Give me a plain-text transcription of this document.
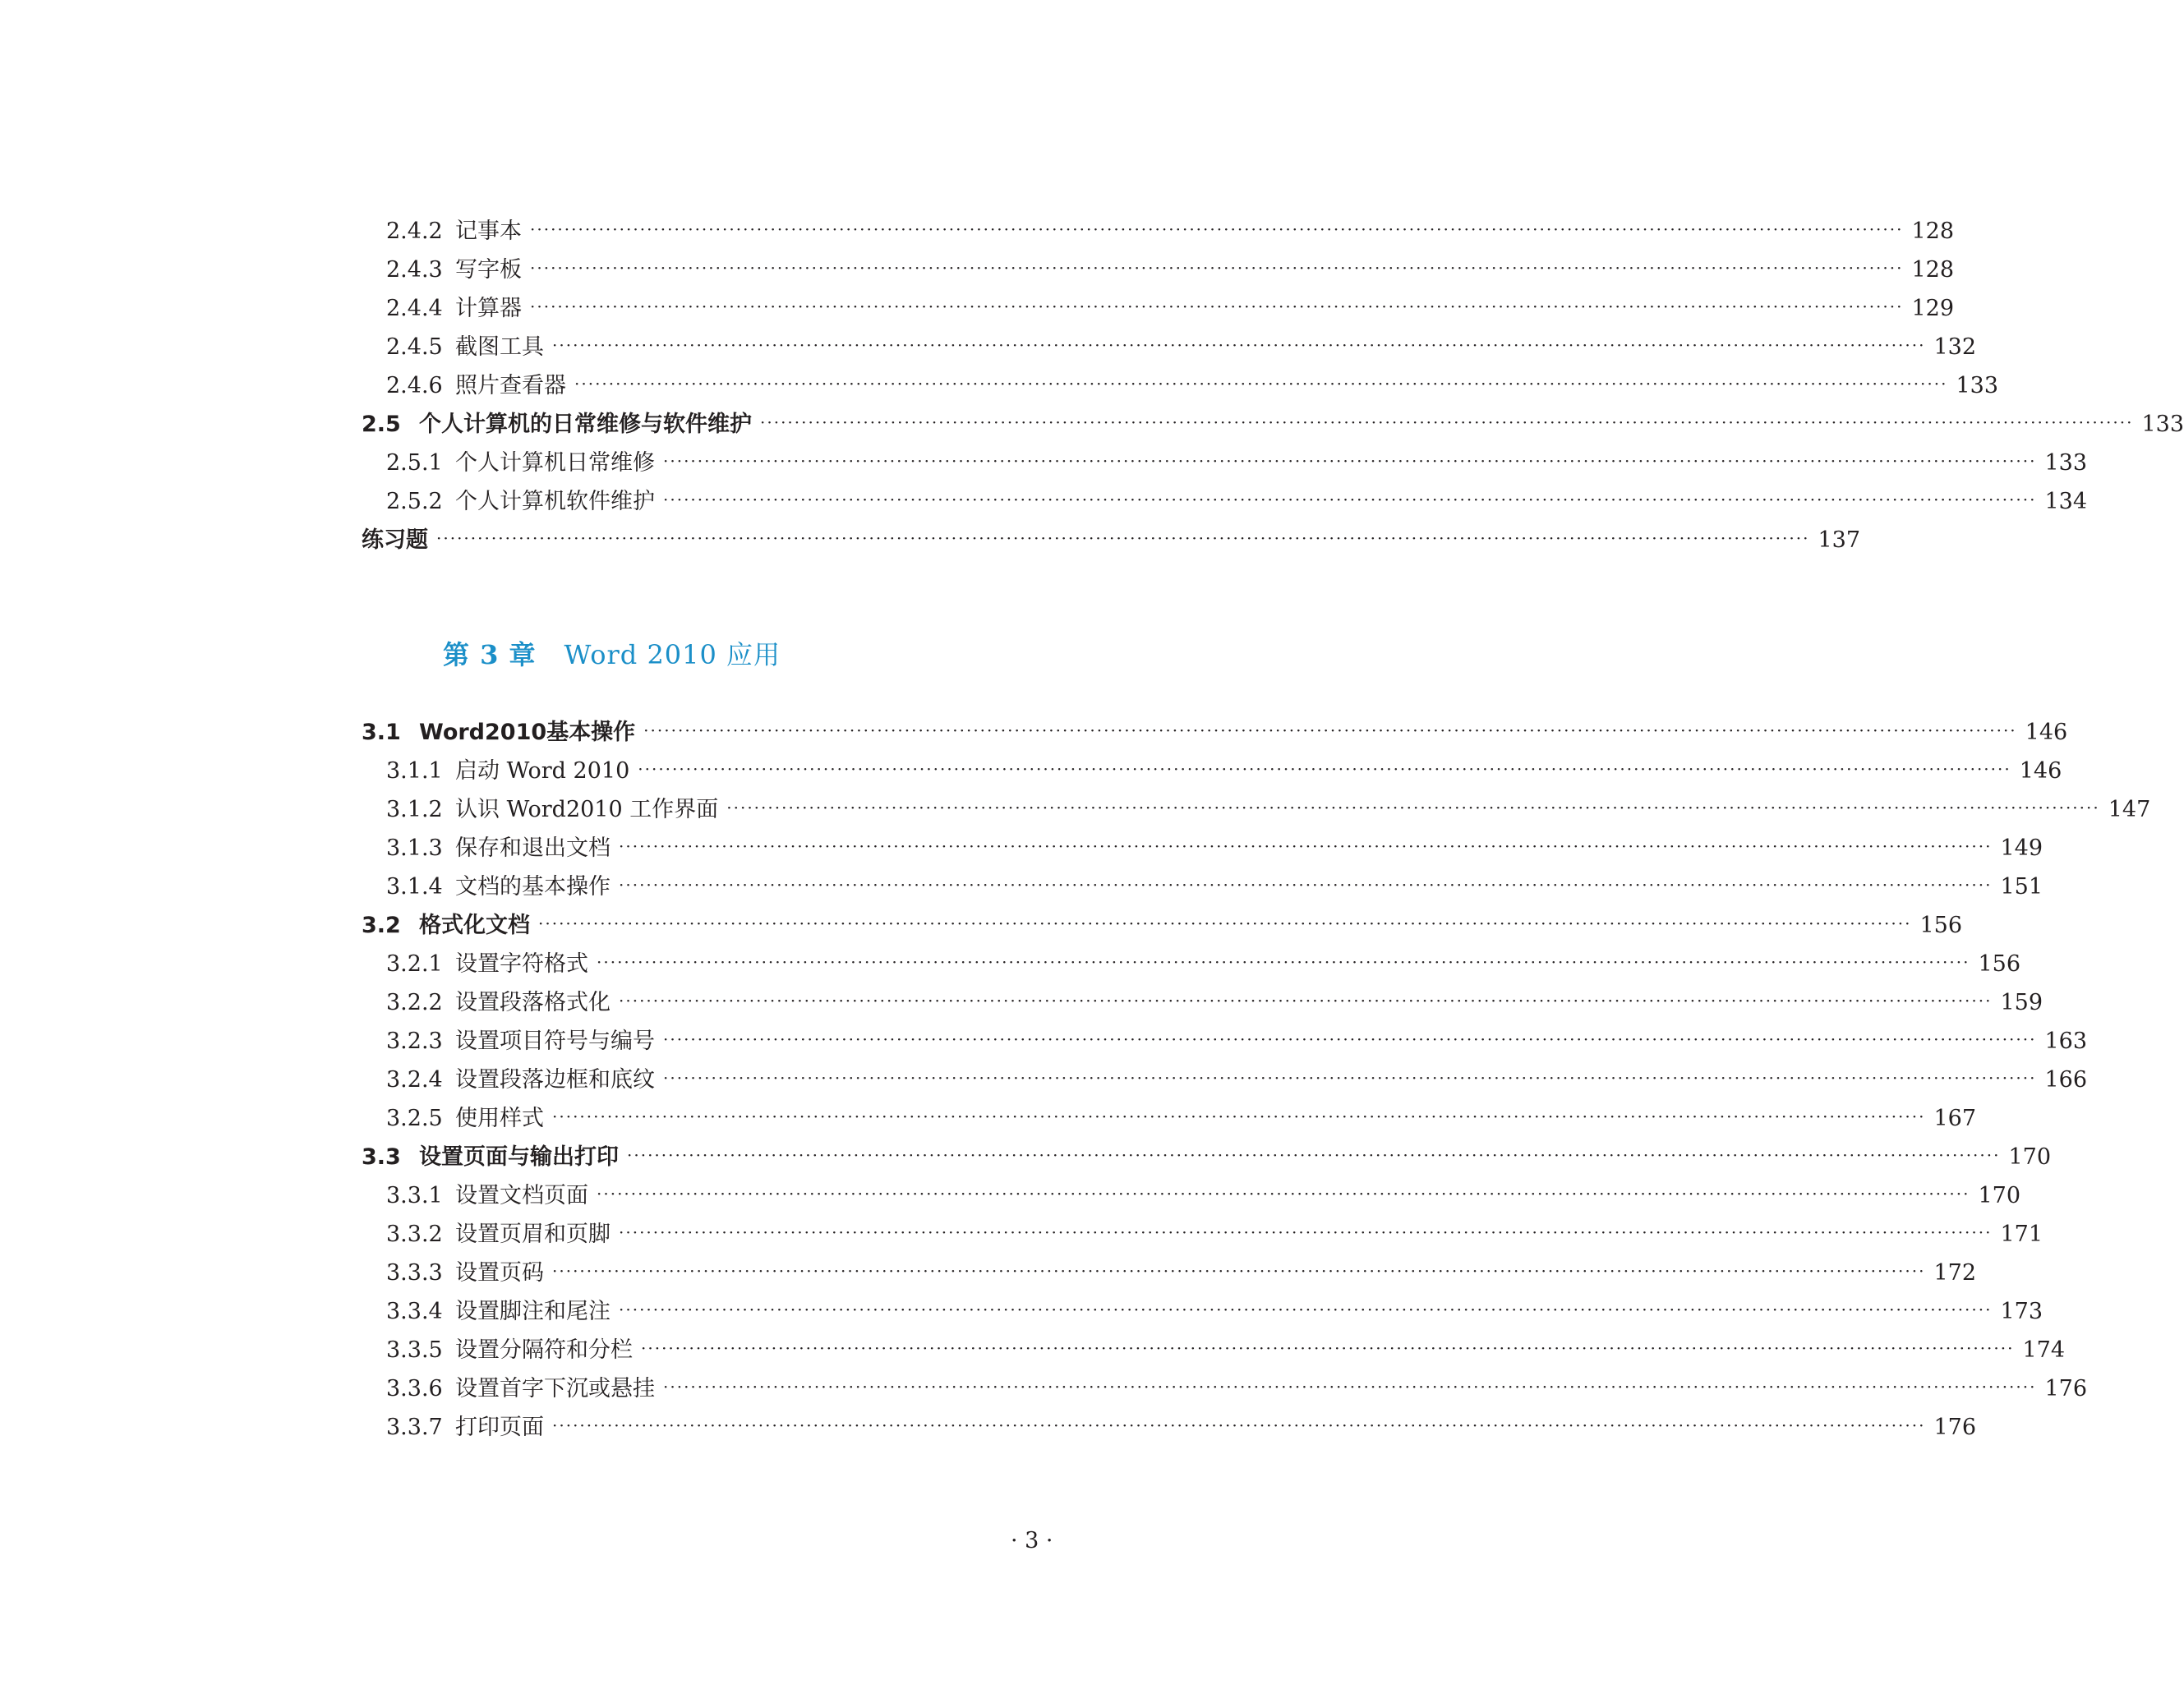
2.4.2 记事本 ········································································································································································································ 128
2.4.3 写字板 ········································································································································································································ 128
2.4.4 计算器 ········································································································································································································ 129
2.4.5 截图工具 ········································································································································································································ 132
2.4.6 照片查看器 ········································································································································································································ 133
2.5 个人计算机的日常维修与软件维护 ········································································································································································································ 133
2.5.1 个人计算机日常维修 ········································································································································································································ 133
2.5.2 个人计算机软件维护 ········································································································································································································ 134
练习题 ········································································································································································································ 137
第 3 章 Word 2010 应用
3.1 Word2010基本操作 ········································································································································································································ 146
3.1.1 启动 Word 2010 ········································································································································································································ 146
3.1.2 认识 Word2010 工作界面 ········································································································································································································ 147
3.1.3 保存和退出文档 ········································································································································································································ 149
3.1.4 文档的基本操作 ········································································································································································································ 151
3.2 格式化文档 ········································································································································································································ 156
3.2.1 设置字符格式 ········································································································································································································ 156
3.2.2 设置段落格式化 ········································································································································································································ 159
3.2.3 设置项目符号与编号 ········································································································································································································ 163
3.2.4 设置段落边框和底纹 ········································································································································································································ 166
3.2.5 使用样式 ········································································································································································································ 167
3.3 设置页面与输出打印 ········································································································································································································ 170
3.3.1 设置文档页面 ········································································································································································································ 170
3.3.2 设置页眉和页脚 ········································································································································································································ 171
3.3.3 设置页码 ········································································································································································································ 172
3.3.4 设置脚注和尾注 ········································································································································································································ 173
3.3.5 设置分隔符和分栏 ········································································································································································································ 174
3.3.6 设置首字下沉或悬挂 ········································································································································································································ 176
3.3.7 打印页面 ········································································································································································································ 176
· 3 ·
